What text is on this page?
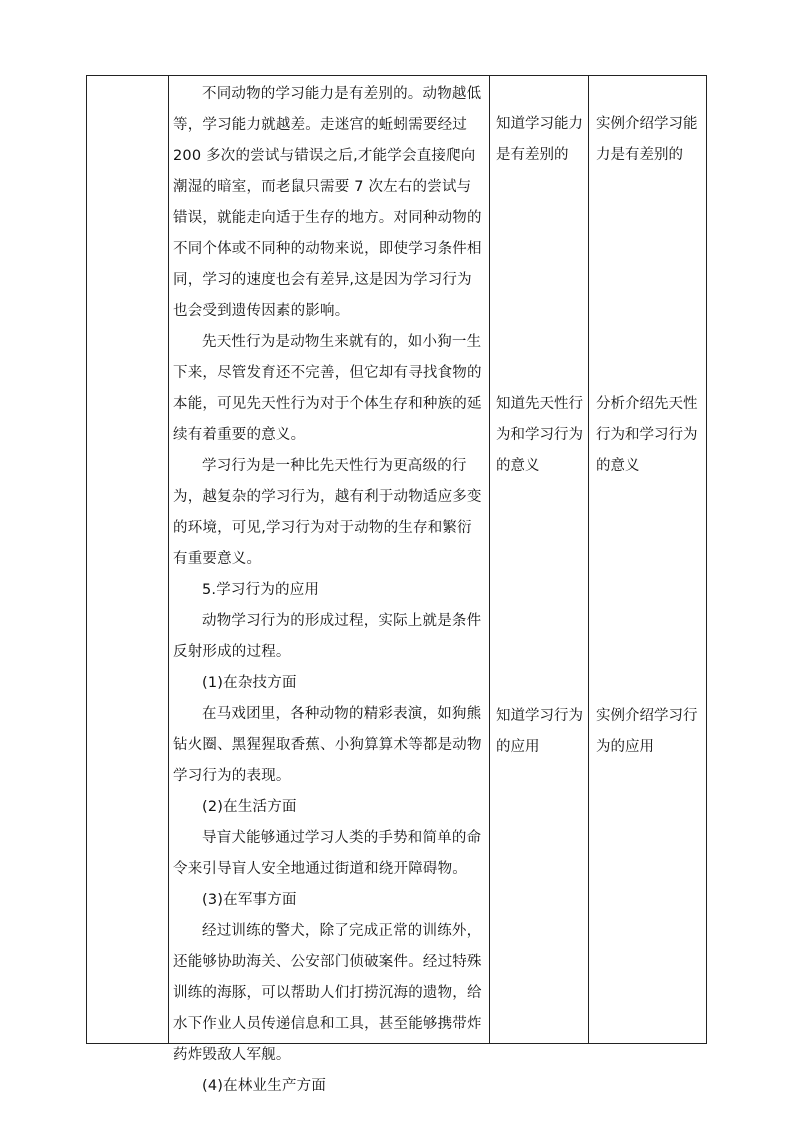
不同动物的学习能力是有差别的。动物越低等，学习能力就越差。走迷宫的蚯蚓需要经过 200 多次的尝试与错误之后,才能学会直接爬向潮湿的暗室，而老鼠只需要 7 次左右的尝试与错误，就能走向适于生存的地方。对同种动物的不同个体或不同种的动物来说，即使学习条件相同，学习的速度也会有差异,这是因为学习行为也会受到遗传因素的影响。

先天性行为是动物生来就有的，如小狗一生下来，尽管发育还不完善，但它却有寻找食物的本能，可见先天性行为对于个体生存和种族的延续有着重要的意义。

学习行为是一种比先天性行为更高级的行为，越复杂的学习行为，越有利于动物适应多变的环境，可见,学习行为对于动物的生存和繁衍有重要意义。

5.学习行为的应用

动物学习行为的形成过程，实际上就是条件反射形成的过程。

(1)在杂技方面

在马戏团里，各种动物的精彩表演，如狗熊钻火圈、黑猩猩取香蕉、小狗算算术等都是动物学习行为的表现。

(2)在生活方面

导盲犬能够通过学习人类的手势和简单的命令来引导盲人安全地通过街道和绕开障碍物。

(3)在军事方面

经过训练的警犬，除了完成正常的训练外，还能够协助海关、公安部门侦破案件。经过特殊训练的海豚，可以帮助人们打捞沉海的遗物，给水下作业人员传递信息和工具，甚至能够携带炸药炸毁敌人军舰。

(4)在林业生产方面

知道学习能力是有差别的
知道先天性行为和学习行为的意义
知道学习行为的应用
实例介绍学习能力是有差别的
分析介绍先天性行为和学习行为的意义
实例介绍学习行为的应用
